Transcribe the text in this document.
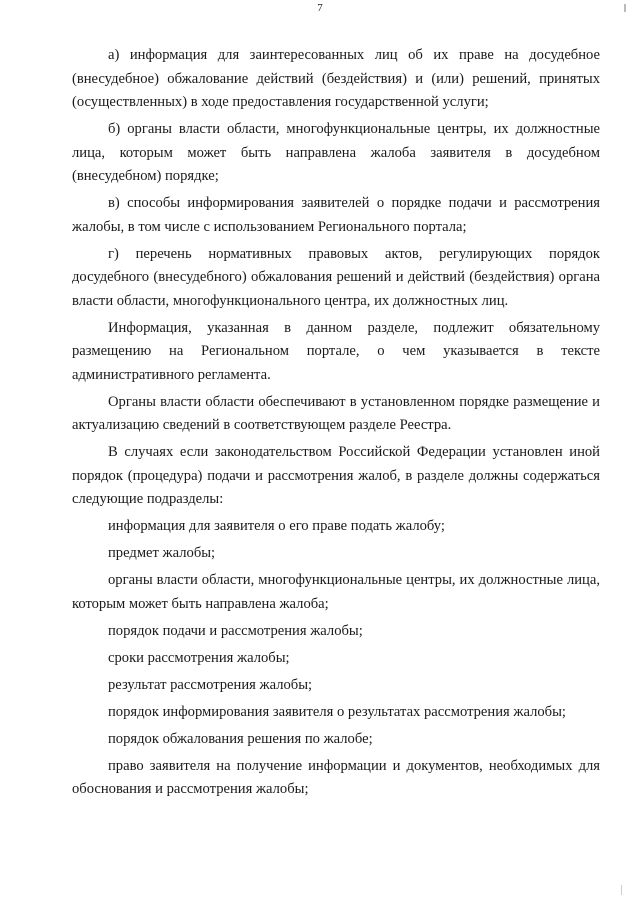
7

а) информация для заинтересованных лиц об их праве на досудебное (внесудебное) обжалование действий (бездействия) и (или) решений, принятых (осуществленных) в ходе предоставления государственной услуги;

б) органы власти области, многофункциональные центры, их должностные лица, которым может быть направлена жалоба заявителя в досудебном (внесудебном) порядке;

в) способы информирования заявителей о порядке подачи и рассмотрения жалобы, в том числе с использованием Регионального портала;

г) перечень нормативных правовых актов, регулирующих порядок досудебного (внесудебного) обжалования решений и действий (бездействия) органа власти области, многофункционального центра, их должностных лиц.

Информация, указанная в данном разделе, подлежит обязательному размещению на Региональном портале, о чем указывается в тексте административного регламента.

Органы власти области обеспечивают в установленном порядке размещение и актуализацию сведений в соответствующем разделе Реестра.

В случаях если законодательством Российской Федерации установлен иной порядок (процедура) подачи и рассмотрения жалоб, в разделе должны содержаться следующие подразделы:

информация для заявителя о его праве подать жалобу;

предмет жалобы;

органы власти области, многофункциональные центры, их должностные лица, которым может быть направлена жалоба;

порядок подачи и рассмотрения жалобы;

сроки рассмотрения жалобы;

результат рассмотрения жалобы;

порядок информирования заявителя о результатах рассмотрения жалобы;

порядок обжалования решения по жалобе;

право заявителя на получение информации и документов, необходимых для обоснования и рассмотрения жалобы;
